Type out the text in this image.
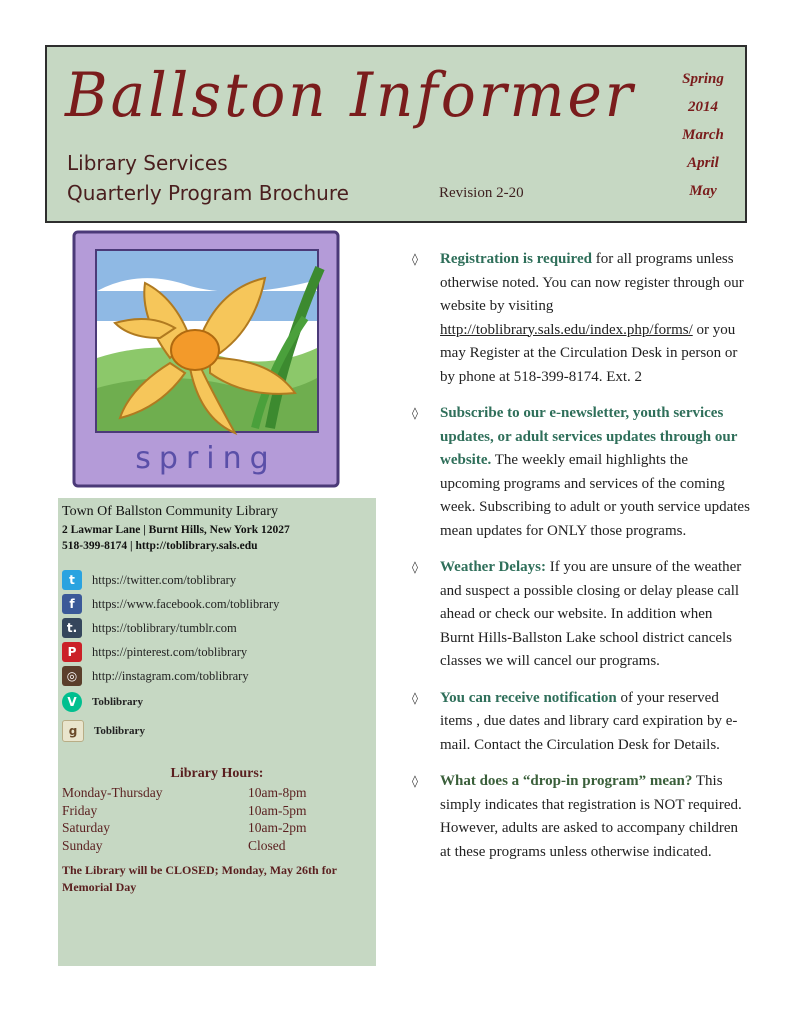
Ballston Informer
Library Services
Quarterly Program Brochure	Revision 2-20
Spring
2014
March
April
May
spring
Town Of Ballston Community Library
2 Lawmar Lane | Burnt Hills, New York 12027
518-399-8174 | http://toblibrary.sals.edu
t	https://twitter.com/toblibrary
f	https://www.facebook.com/toblibrary
t.	https://toblibrary/tumblr.com
P	https://pinterest.com/toblibrary
◎	http://instagram.com/toblibrary
V	Toblibrary
g	Toblibrary
Library Hours:
Monday-Thursday	10am-8pm
Friday	10am-5pm
Saturday	10am-2pm
Sunday	Closed
The Library will be CLOSED; Monday, May 26th for Memorial Day
◊ Registration is required for all programs unless otherwise noted. You can now register through our website by visiting http://toblibrary.sals.edu/index.php/forms/ or you may Register at the Circulation Desk in person or by phone at 518-399-8174. Ext. 2
◊ Subscribe to our e-newsletter, youth services updates, or adult services updates through our website. The weekly email highlights the upcoming programs and services of the coming week. Subscribing to adult or youth service updates mean updates for ONLY those programs.
◊ Weather Delays: If you are unsure of the weather and suspect a possible closing or delay please call ahead or check our website. In addition when Burnt Hills-Ballston Lake school district cancels classes we will cancel our programs.
◊ You can receive notification of your reserved items , due dates and library card expiration by e-mail. Contact the Circulation Desk for Details.
◊ What does a “drop-in program” mean? This simply indicates that registration is NOT required. However, adults are asked to accompany children at these programs unless otherwise indicated.
